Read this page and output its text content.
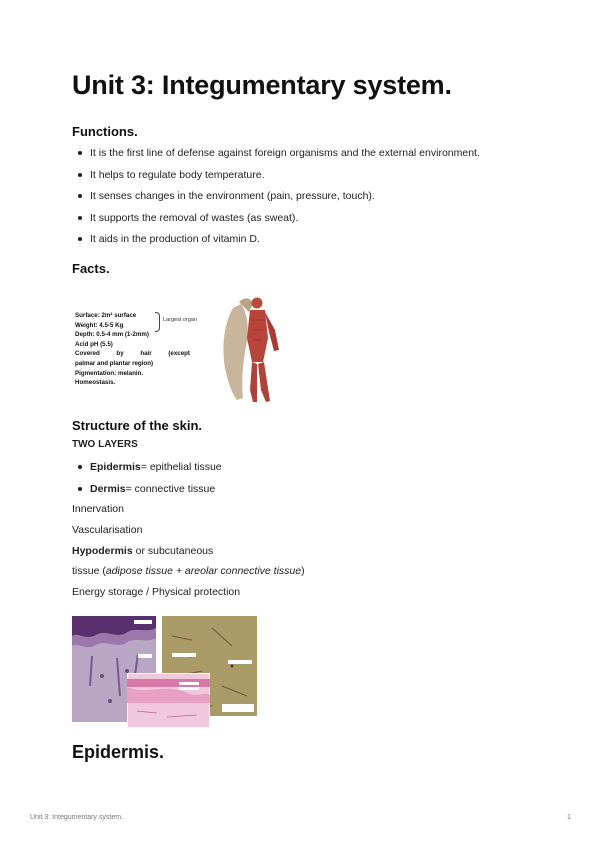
Unit 3: Integumentary system.
Functions.
It is the first line of defense against foreign organisms and the external environment.
It helps to regulate body temperature.
It senses changes in the environment (pain, pressure, touch).
It supports the removal of wastes (as sweat).
It aids in the production of vitamin D.
Facts.
Surface: 2m² surface
Weight: 4.5-5 Kg
Depth: 0.5-4 mm (1-2mm)
Acid pH (5.5)
Covered	by	hair	(except
palmar and plantar region)
Pigmentation: melanin.
Homeostasis.
Largest organ
Structure of the skin.
TWO LAYERS
Epidermis= epithelial tissue
Dermis= connective tissue
Innervation
Vascularisation
Hypodermis or subcutaneous
tissue (adipose tissue + areolar connective tissue)
Energy storage / Physical protection
Epidermis.
Unit 3: Integumentary system.	1
